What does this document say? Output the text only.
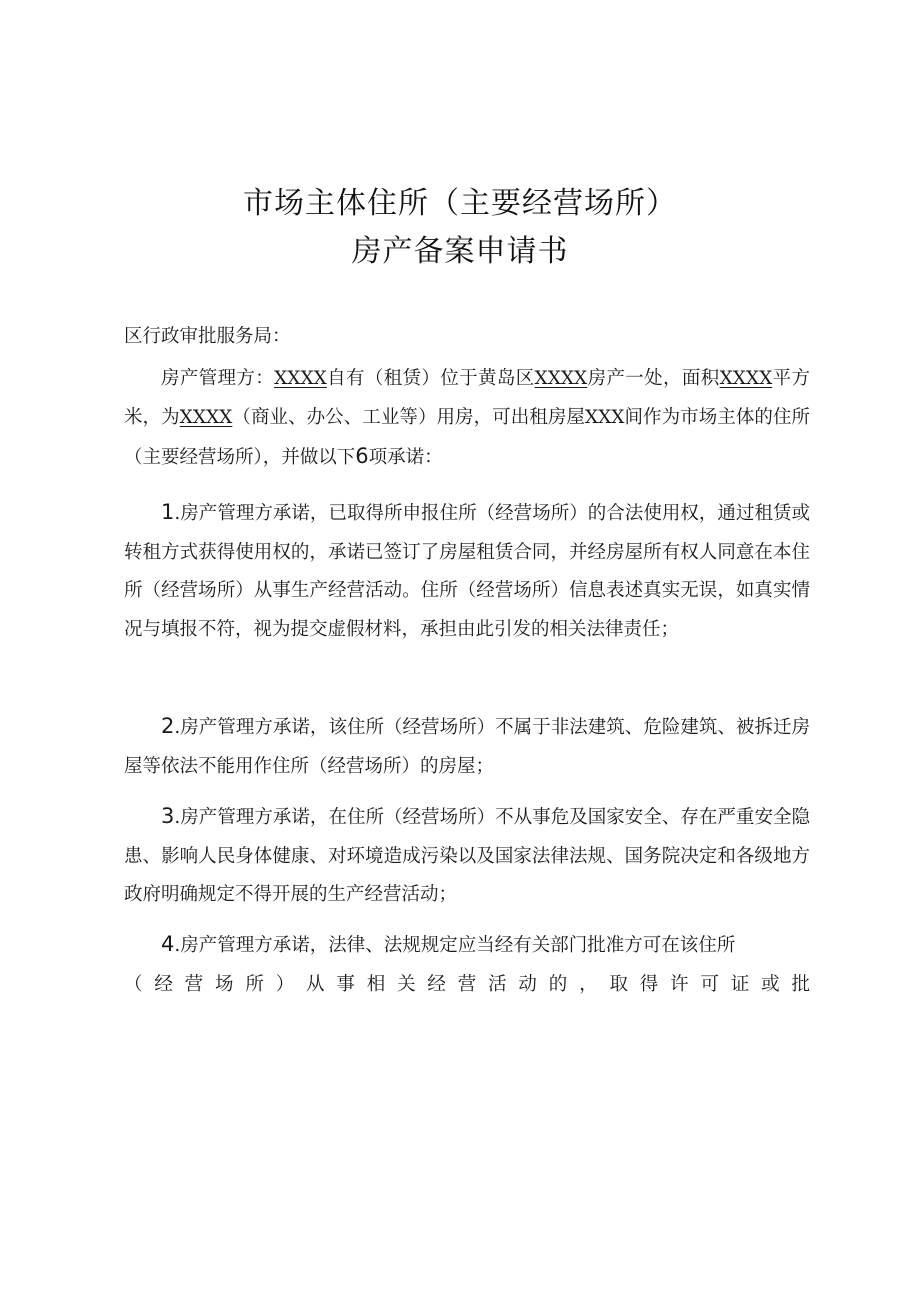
市场主体住所（主要经营场所）
房产备案申请书
区行政审批服务局：

房产管理方：XXXX自有（租赁）位于黄岛区XXXX房产一处，面积XXXX平方米，为XXXX（商业、办公、工业等）用房，可出租房屋XXX间作为市场主体的住所（主要经营场所），并做以下6项承诺：

1.房产管理方承诺，已取得所申报住所（经营场所）的合法使用权，通过租赁或转租方式获得使用权的，承诺已签订了房屋租赁合同，并经房屋所有权人同意在本住所（经营场所）从事生产经营活动。住所（经营场所）信息表述真实无误，如真实情况与填报不符，视为提交虚假材料，承担由此引发的相关法律责任；

2.房产管理方承诺，该住所（经营场所）不属于非法建筑、危险建筑、被拆迁房屋等依法不能用作住所（经营场所）的房屋；

3.房产管理方承诺，在住所（经营场所）不从事危及国家安全、存在严重安全隐患、影响人民身体健康、对环境造成污染以及国家法律法规、国务院决定和各级地方政府明确规定不得开展的生产经营活动；

4.房产管理方承诺，法律、法规规定应当经有关部门批准方可在该住所

（经营场所）从事相关经营活动的，取得许可证或批
